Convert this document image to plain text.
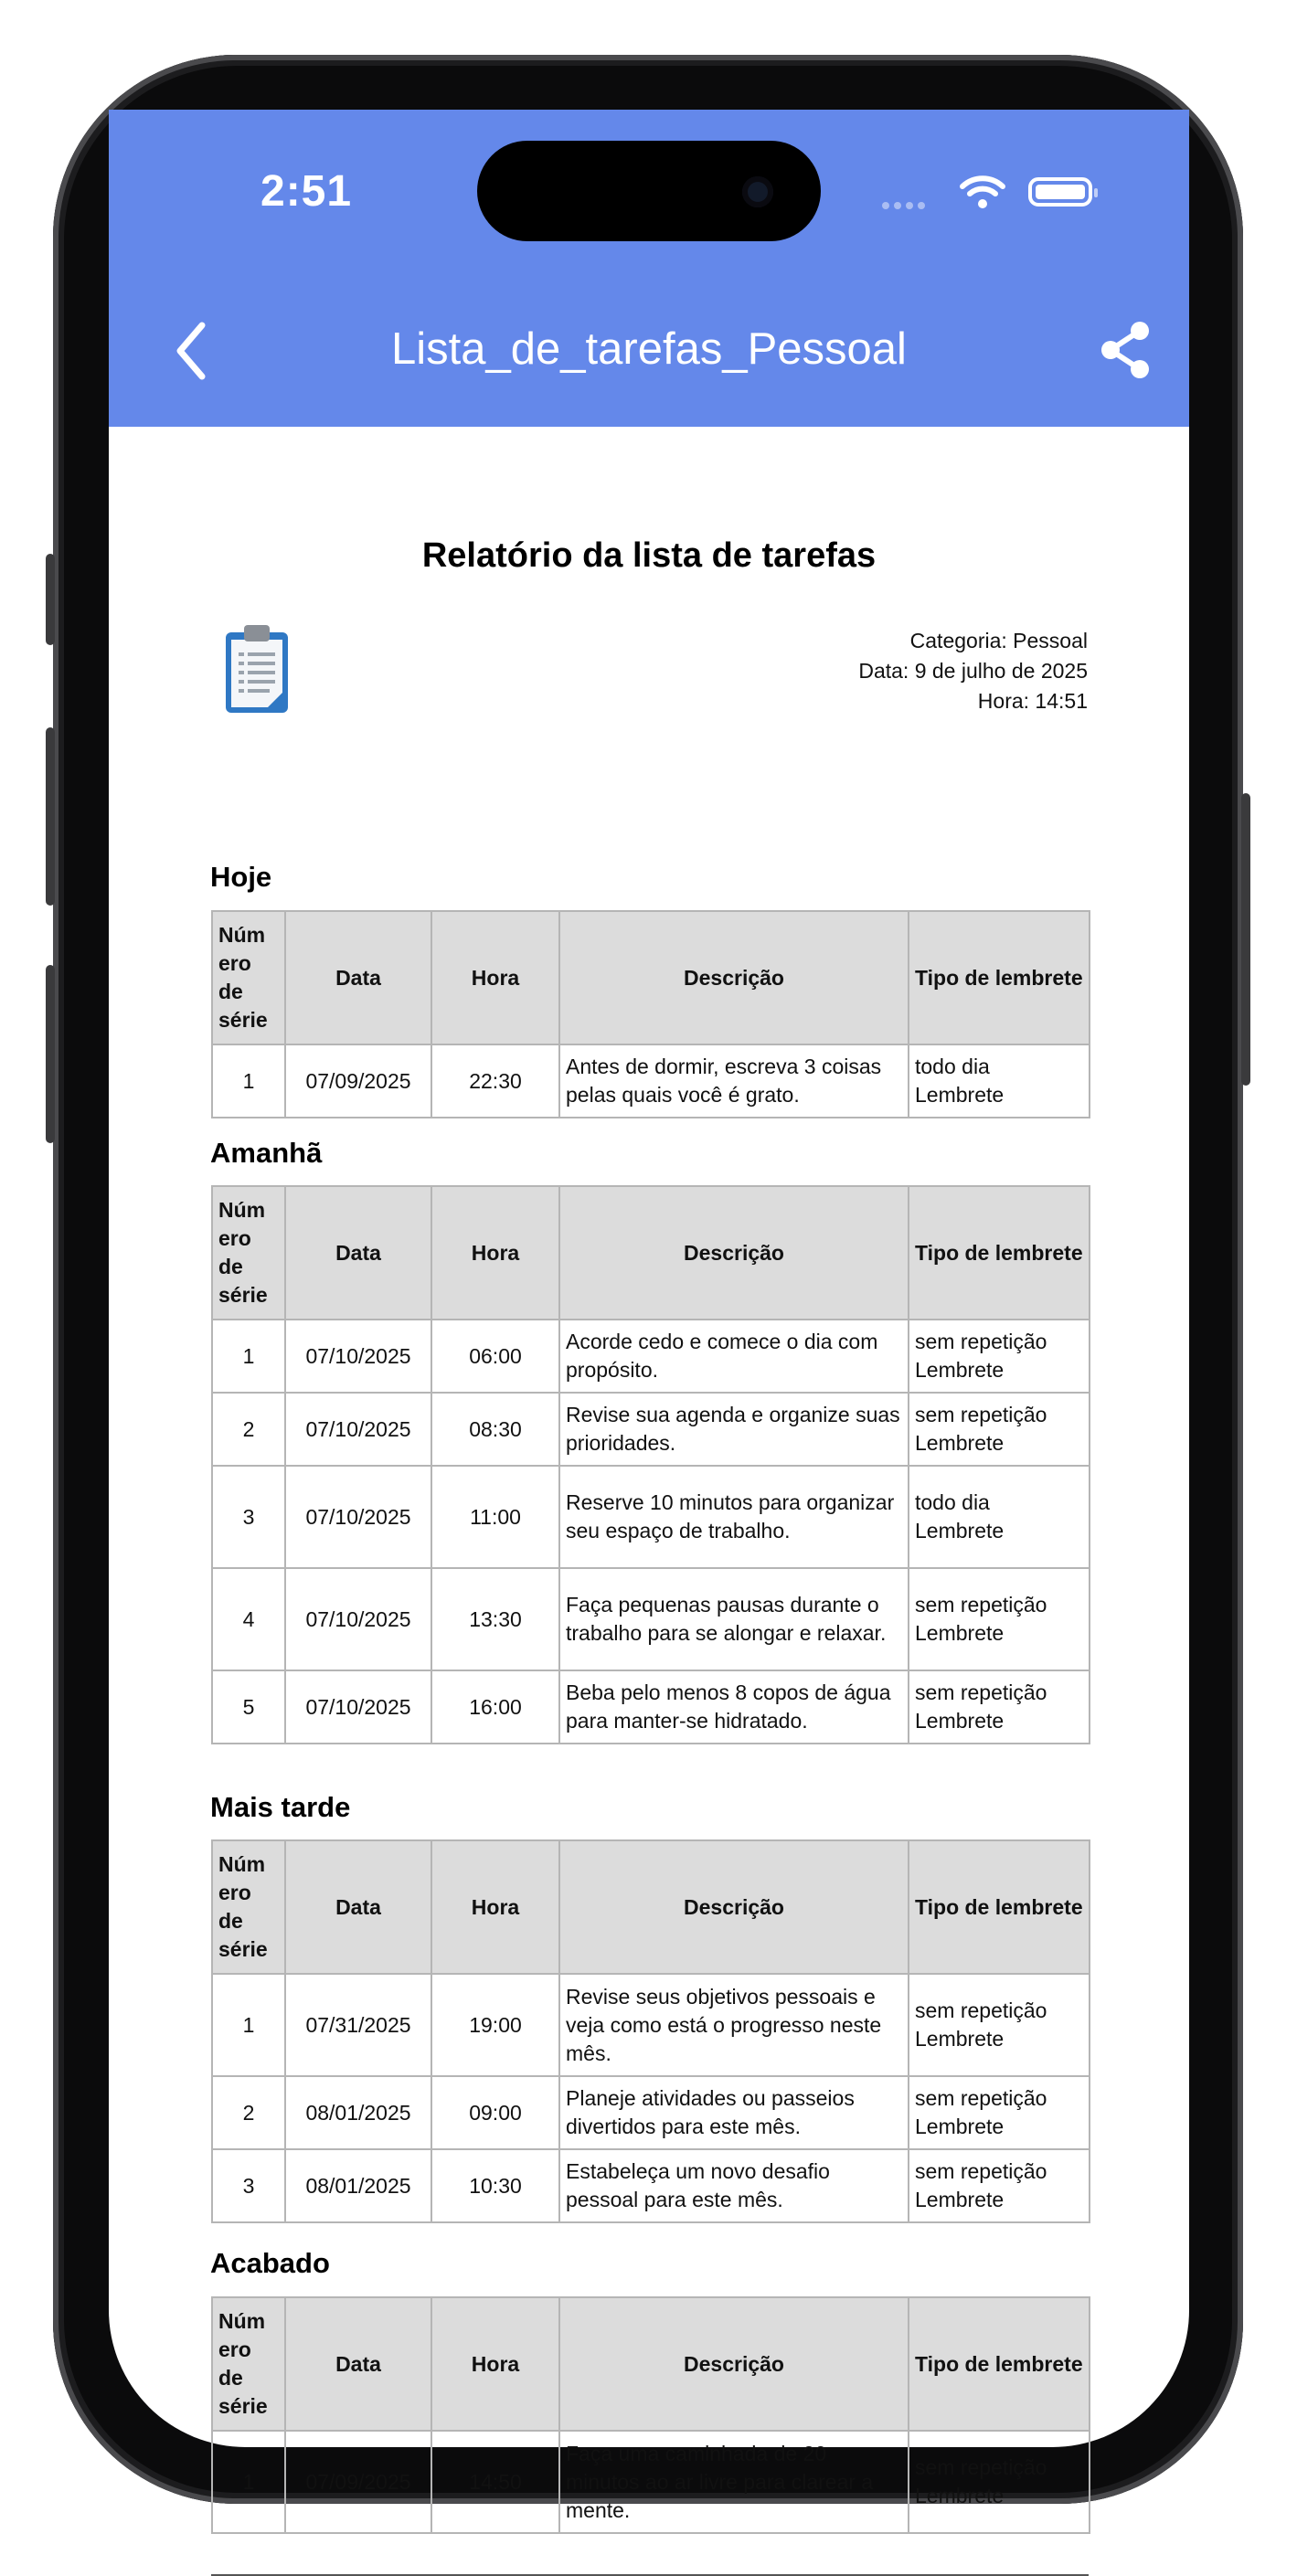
2:51
Lista_de_tarefas_Pessoal
Relatório da lista de tarefas
Categoria: Pessoal
Data: 9 de julho de 2025
Hora: 14:51
Hoje
Núm ero de série	Data	Hora	Descrição	Tipo de lembrete
1	07/09/2025	22:30	Antes de dormir, escreva 3 coisas pelas quais você é grato.	todo dia Lembrete
Amanhã
Núm ero de série	Data	Hora	Descrição	Tipo de lembrete
1	07/10/2025	06:00	Acorde cedo e comece o dia com propósito.	sem repetição Lembrete
2	07/10/2025	08:30	Revise sua agenda e organize suas prioridades.	sem repetição Lembrete
3	07/10/2025	11:00	Reserve 10 minutos para organizar seu espaço de trabalho.	todo dia Lembrete
4	07/10/2025	13:30	Faça pequenas pausas durante o trabalho para se alongar e relaxar.	sem repetição Lembrete
5	07/10/2025	16:00	Beba pelo menos 8 copos de água para manter-se hidratado.	sem repetição Lembrete
Mais tarde
Núm ero de série	Data	Hora	Descrição	Tipo de lembrete
1	07/31/2025	19:00	Revise seus objetivos pessoais e veja como está o progresso neste mês.	sem repetição Lembrete
2	08/01/2025	09:00	Planeje atividades ou passeios divertidos para este mês.	sem repetição Lembrete
3	08/01/2025	10:30	Estabeleça um novo desafio pessoal para este mês.	sem repetição Lembrete
Acabado
Núm ero de série	Data	Hora	Descrição	Tipo de lembrete
1	07/09/2025	14:50	Faça uma caminhada de 20 minutos ao ar livre para clarear a mente.	sem repetição Lembrete
